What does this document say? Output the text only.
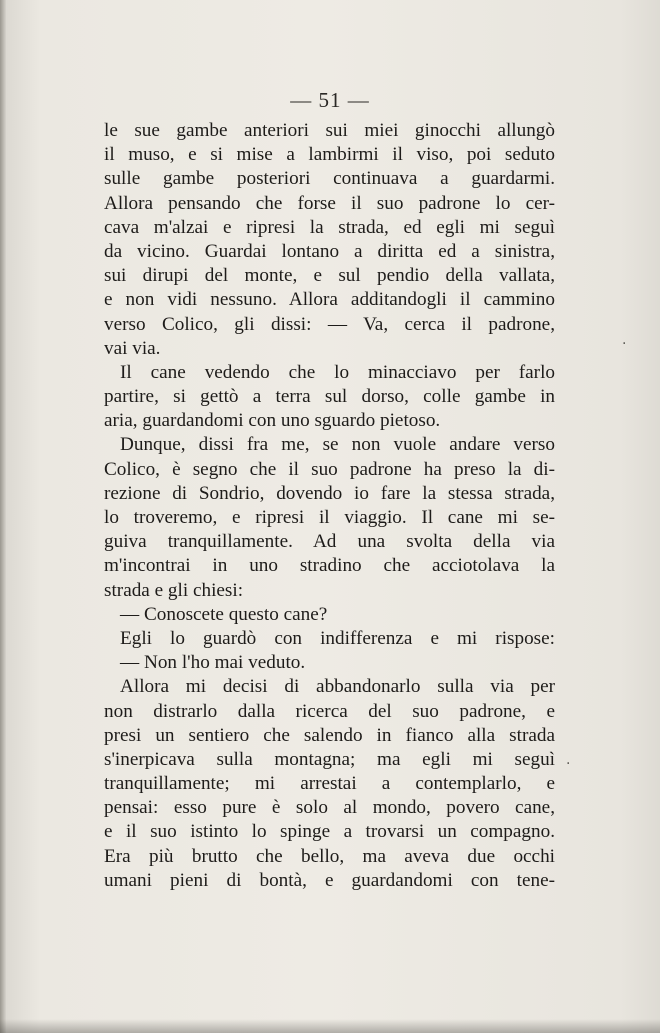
— 51 —
le sue gambe anteriori sui miei ginocchi allungò
il muso, e si mise a lambirmi il viso, poi seduto
sulle gambe posteriori continuava a guardarmi.
Allora pensando che forse il suo padrone lo cer-
cava m'alzai e ripresi la strada, ed egli mi seguì
da vicino. Guardai lontano a diritta ed a sinistra,
sui dirupi del monte, e sul pendio della vallata,
e non vidi nessuno. Allora additandogli il cammino
verso Colico, gli dissi: — Va, cerca il padrone,
vai via.
Il cane vedendo che lo minacciavo per farlo
partire, si gettò a terra sul dorso, colle gambe in
aria, guardandomi con uno sguardo pietoso.
Dunque, dissi fra me, se non vuole andare verso
Colico, è segno che il suo padrone ha preso la di-
rezione di Sondrio, dovendo io fare la stessa strada,
lo troveremo, e ripresi il viaggio. Il cane mi se-
guiva tranquillamente. Ad una svolta della via
m'incontrai in uno stradino che acciotolava la
strada e gli chiesi:
— Conoscete questo cane?
Egli lo guardò con indifferenza e mi rispose:
— Non l'ho mai veduto.
Allora mi decisi di abbandonarlo sulla via per
non distrarlo dalla ricerca del suo padrone, e
presi un sentiero che salendo in fianco alla strada
s'inerpicava sulla montagna; ma egli mi seguì
tranquillamente; mi arrestai a contemplarlo, e
pensai: esso pure è solo al mondo, povero cane,
e il suo istinto lo spinge a trovarsi un compagno.
Era più brutto che bello, ma aveva due occhi
umani pieni di bontà, e guardandomi con tene-
·
·
